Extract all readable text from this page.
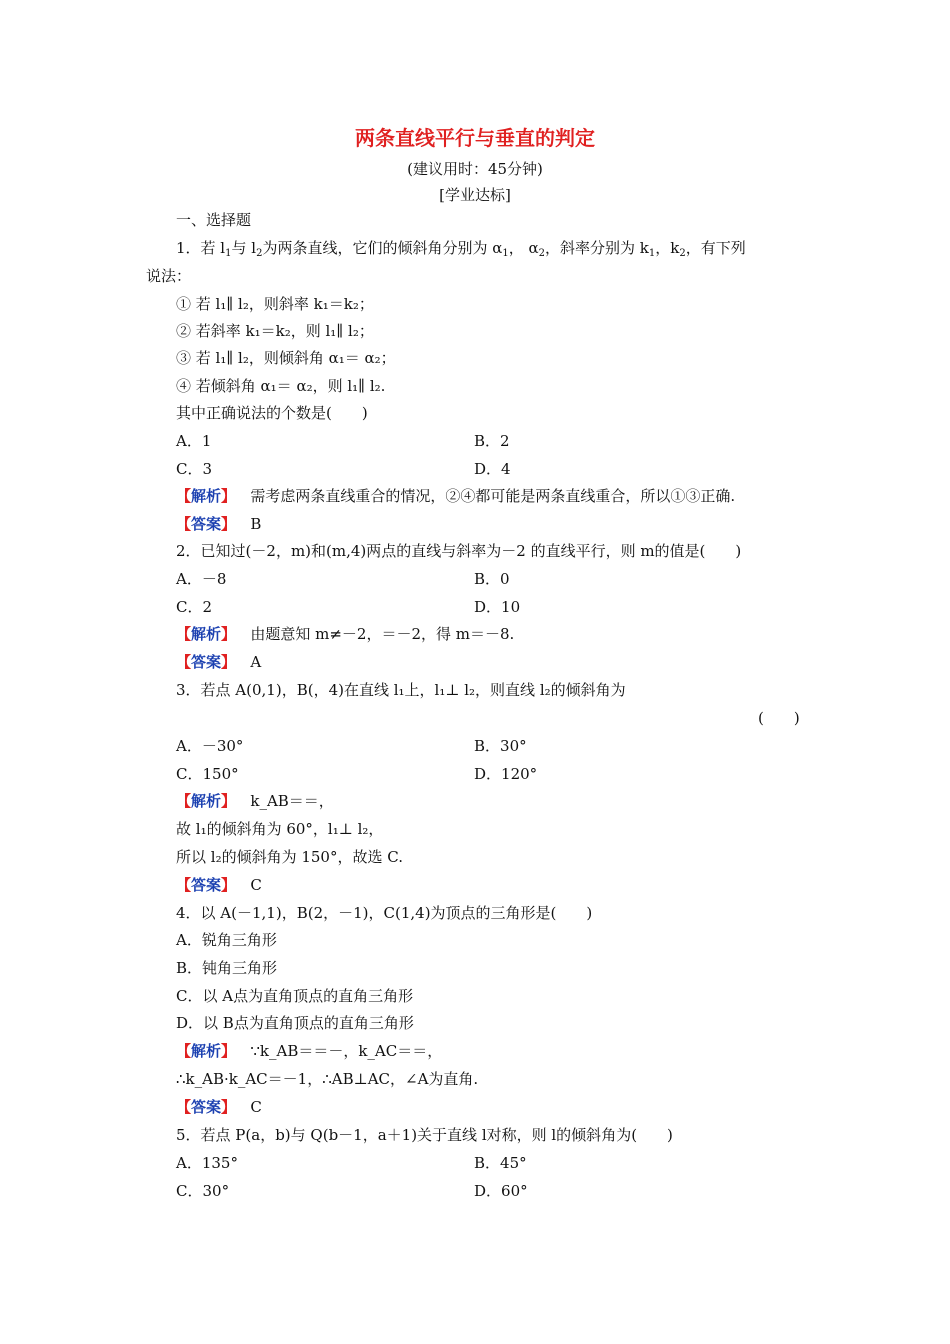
两条直线平行与垂直的判定
(建议用时：45分钟)
[学业达标]
一、选择题
1．若 $l_1$与 $l_2$为两条直线，它们的倾斜角分别为 $\alpha_1$， $\alpha_2$，斜率分别为 $k_1$，$k_2$，有下列
说法：
① 若 l₁∥ l₂，则斜率 k₁＝k₂；
② 若斜率 k₁＝k₂，则 l₁∥ l₂；
③ 若 l₁∥ l₂，则倾斜角 α₁＝ α₂；
④ 若倾斜角 α₁＝ α₂，则 l₁∥ l₂.
其中正确说法的个数是(　　)
A．1	B．2
C．3	D．4
【解析】 需考虑两条直线重合的情况，②④都可能是两条直线重合，所以①③正确.
【答案】 B
2．已知过(－2，m)和(m,4)两点的直线与斜率为－2 的直线平行，则 m的值是(　　)
A．－8	B．0
C．2	D．10
【解析】 由题意知 m≠－2，＝－2，得 m＝－8.
【答案】 A
3．若点 A(0,1)，B(，4)在直线 l₁上，l₁⊥ l₂，则直线 l₂的倾斜角为
(　　)
A．－30°	B．30°
C．150°	D．120°
【解析】 k_AB＝＝，
故 l₁的倾斜角为 60°，l₁⊥ l₂，
所以 l₂的倾斜角为 150°，故选 C.
【答案】 C
4．以 A(－1,1)，B(2，－1)，C(1,4)为顶点的三角形是(　　)
A．锐角三角形
B．钝角三角形
C．以 A点为直角顶点的直角三角形
D．以 B点为直角顶点的直角三角形
【解析】 ∵k_AB＝＝－，k_AC＝＝，
∴k_AB·k_AC＝－1，∴AB⊥AC，∠A为直角.
【答案】 C
5．若点 P(a，b)与 Q(b－1，a＋1)关于直线 l对称，则 l的倾斜角为(　　)
A．135°	B．45°
C．30°	D．60°
